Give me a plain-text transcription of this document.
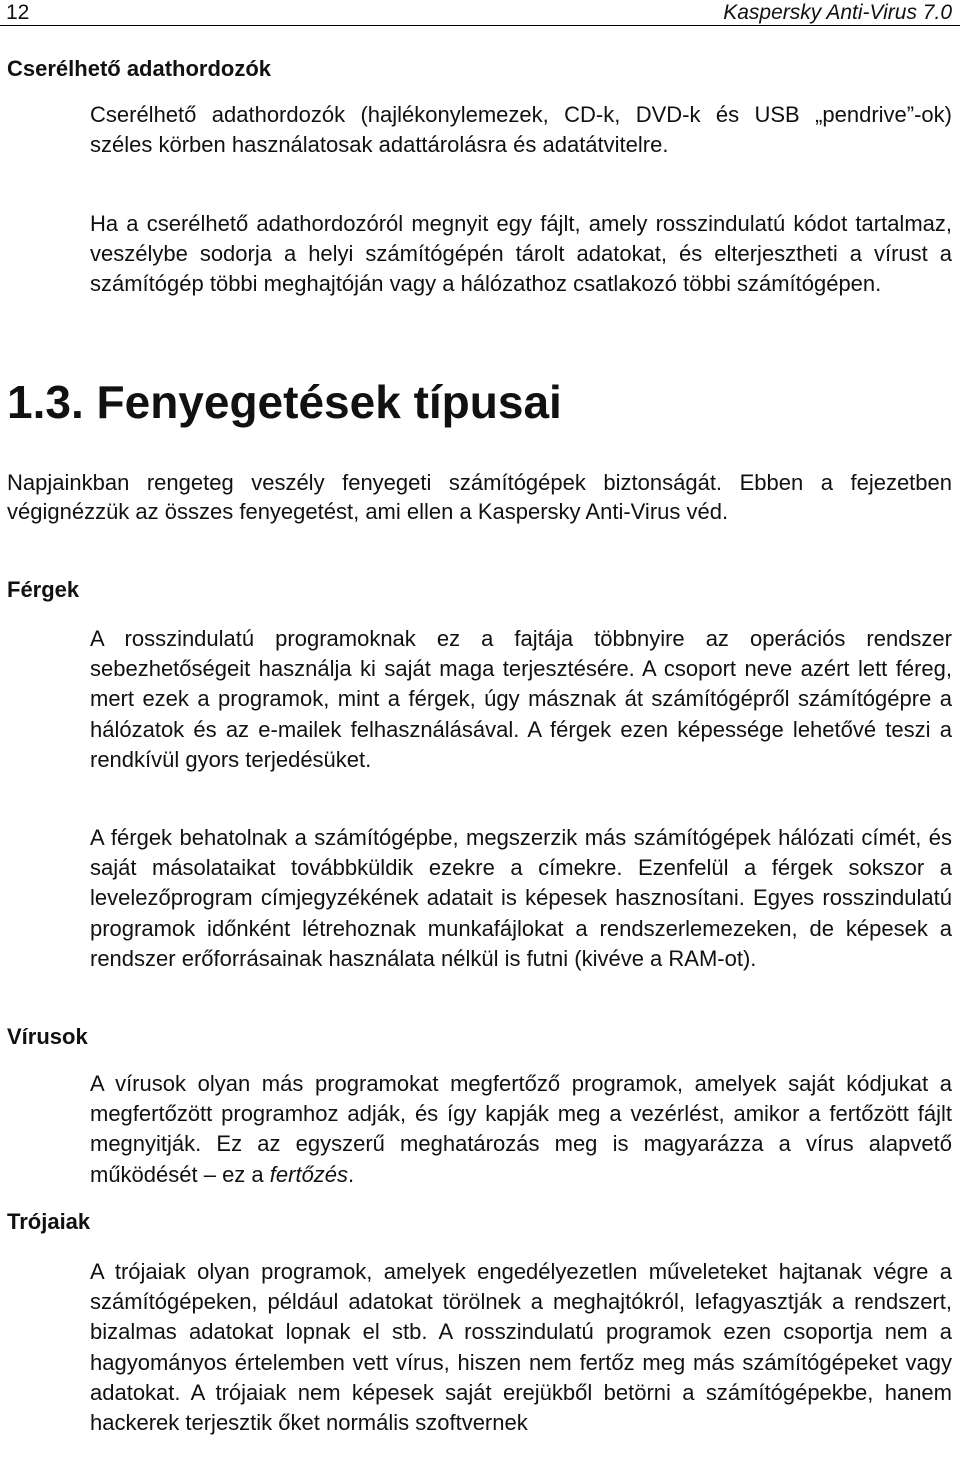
12	Kaspersky Anti-Virus 7.0
Cserélhető adathordozók

Cserélhető adathordozók (hajlékonylemezek, CD-k, DVD-k és USB „pendrive”-ok) széles körben használatosak adattárolásra és adatátvitelre.

Ha a cserélhető adathordozóról megnyit egy fájlt, amely rosszindulatú kódot tartalmaz, veszélybe sodorja a helyi számítógépén tárolt adatokat, és elterjesztheti a vírust a számítógép többi meghajtóján vagy a hálózathoz csatlakozó többi számítógépen.

1.3. Fenyegetések típusai

Napjainkban rengeteg veszély fenyegeti számítógépek biztonságát. Ebben a fejezetben végignézzük az összes fenyegetést, ami ellen a Kaspersky Anti-Virus véd.

Férgek

A rosszindulatú programoknak ez a fajtája többnyire az operációs rendszer sebezhetőségeit használja ki saját maga terjesztésére. A csoport neve azért lett féreg, mert ezek a programok, mint a férgek, úgy másznak át számítógépről számítógépre a hálózatok és az e-mailek felhasználásával. A férgek ezen képessége lehetővé teszi a rendkívül gyors terjedésüket.

A férgek behatolnak a számítógépbe, megszerzik más számítógépek hálózati címét, és saját másolataikat továbbküldik ezekre a címekre. Ezenfelül a férgek sokszor a levelezőprogram címjegyzékének adatait is képesek hasznosítani. Egyes rosszindulatú programok időnként létrehoznak munkafájlokat a rendszerlemezeken, de képesek a rendszer erőforrásainak használata nélkül is futni (kivéve a RAM-ot).

Vírusok

A vírusok olyan más programokat megfertőző programok, amelyek saját kódjukat a megfertőzött programhoz adják, és így kapják meg a vezérlést, amikor a fertőzött fájlt megnyitják. Ez az egyszerű meghatározás meg is magyarázza a vírus alapvető működését – ez a fertőzés.

Trójaiak

A trójaiak olyan programok, amelyek engedélyezetlen műveleteket hajtanak végre a számítógépeken, például adatokat törölnek a meghajtókról, lefagyasztják a rendszert, bizalmas adatokat lopnak el stb. A rosszindulatú programok ezen csoportja nem a hagyományos értelemben vett vírus, hiszen nem fertőz meg más számítógépeket vagy adatokat. A trójaiak nem képesek saját erejükből betörni a számítógépekbe, hanem hackerek terjesztik őket normális szoftvernek
